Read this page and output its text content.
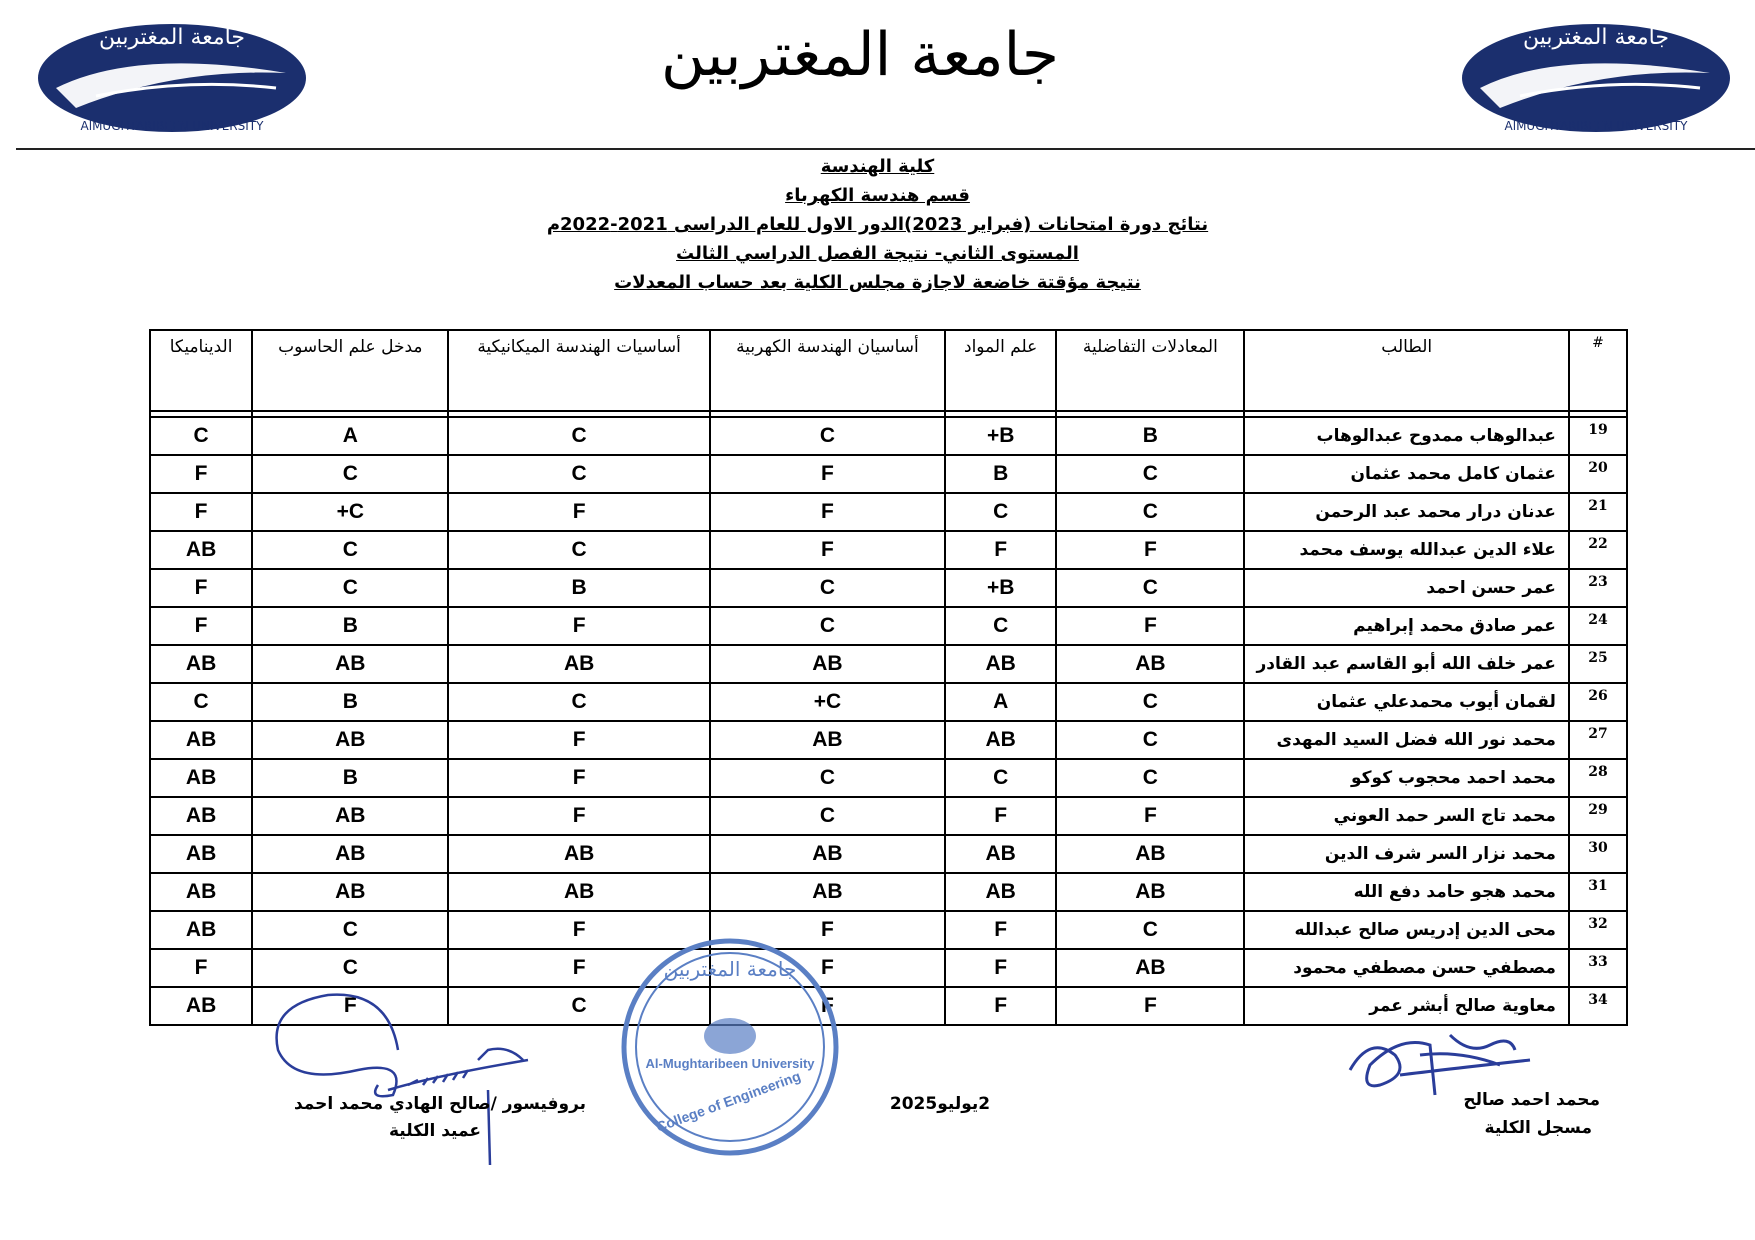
جامعة المغتربين
AlMUGHTARIBEEN UNIVERSITY
جامعة المغتربين
AlMUGHTARIBEEN UNIVERSITY
جامعة المغتربين
كلية الهندسة
قسم هندسة الكهرباء
نتائج دورة امتحانات (فبراير 2023)الدور الاول للعام الدراسى 2021-2022م
المستوى الثاني- نتيجة الفصل الدراسي الثالث
نتيجة مؤقتة خاضعة لاجازة مجلس الكلية بعد حساب المعدلات
#	الطالب	المعادلات التفاضلية	علم المواد	أساسيان الهندسة الكهربية	أساسيات الهندسة الميكانيكية	مدخل علم الحاسوب	الديناميكا

19	عبدالوهاب ممدوح عبدالوهاب	B	B+	C	C	A	C
20	عثمان كامل محمد عثمان	C	B	F	C	C	F
21	عدنان درار محمد عبد الرحمن	C	C	F	F	C+	F
22	علاء الدين عبدالله يوسف محمد	F	F	F	C	C	AB
23	عمر حسن احمد	C	B+	C	B	C	F
24	عمر صادق محمد إبراهيم	F	C	C	F	B	F
25	عمر خلف الله أبو القاسم عبد القادر	AB	AB	AB	AB	AB	AB
26	لقمان أيوب محمدعلي عثمان	C	A	C+	C	B	C
27	محمد نور الله فضل السيد المهدى	C	AB	AB	F	AB	AB
28	محمد احمد محجوب كوكو	C	C	C	F	B	AB
29	محمد تاج السر حمد العوني	F	F	C	F	AB	AB
30	محمد نزار السر شرف الدين	AB	AB	AB	AB	AB	AB
31	محمد هجو حامد دفع الله	AB	AB	AB	AB	AB	AB
32	محى الدين إدريس صالح عبدالله	C	F	F	F	C	AB
33	مصطفي حسن مصطفي محمود	AB	F	F	F	C	F
34	معاوية صالح أبشر عمر	F	F	F	C	F	AB
محمد احمد صالح
مسجل الكلية
2يوليو2025
جامعة المغتربين
Al-Mughtaribeen University
College of Engineering
بروفيسور /صالح الهادي محمد احمد
عميد الكلية
